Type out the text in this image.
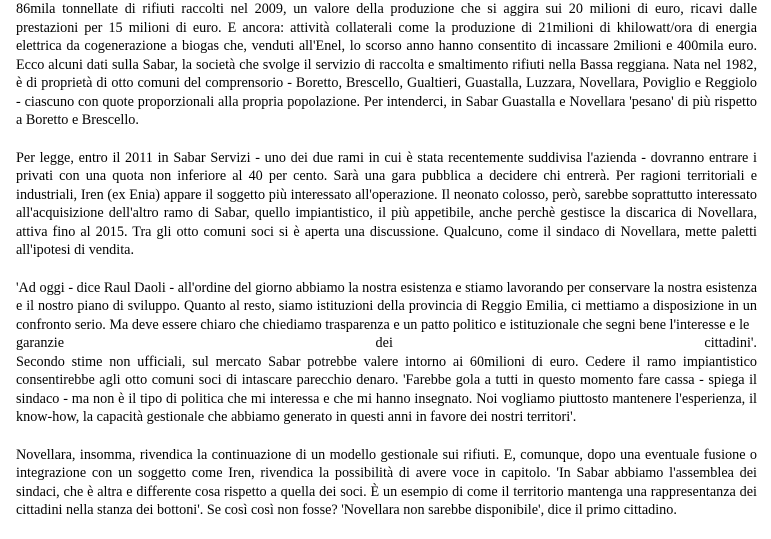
86mila tonnellate di rifiuti raccolti nel 2009, un valore della produzione che si aggira sui 20 milioni di euro, ricavi dalle prestazioni per 15 milioni di euro. E ancora: attività collaterali come la produzione di 21milioni di khilowatt/ora di energia elettrica da cogenerazione a biogas che, venduti all'Enel, lo scorso anno hanno consentito di incassare 2milioni e 400mila euro. Ecco alcuni dati sulla Sabar, la società che svolge il servizio di raccolta e smaltimento rifiuti nella Bassa reggiana. Nata nel 1982, è di proprietà di otto comuni del comprensorio - Boretto, Brescello, Gualtieri, Guastalla, Luzzara, Novellara, Poviglio e Reggiolo - ciascuno con quote proporzionali alla propria popolazione. Per intenderci, in Sabar Guastalla e Novellara 'pesano' di più rispetto a Boretto e Brescello.

Per legge, entro il 2011 in Sabar Servizi - uno dei due rami in cui è stata recentemente suddivisa l'azienda - dovranno entrare i privati con una quota non inferiore al 40 per cento. Sarà una gara pubblica a decidere chi entrerà. Per ragioni territoriali e industriali, Iren (ex Enia) appare il soggetto più interessato all'operazione. Il neonato colosso, però, sarebbe soprattutto interessato all'acquisizione dell'altro ramo di Sabar, quello impiantistico, il più appetibile, anche perchè gestisce la discarica di Novellara, attiva fino al 2015. Tra gli otto comuni soci si è aperta una discussione. Qualcuno, come il sindaco di Novellara, mette paletti all'ipotesi di vendita.

'Ad oggi - dice Raul Daoli - all'ordine del giorno abbiamo la nostra esistenza e stiamo lavorando per conservare la nostra esistenza e il nostro piano di sviluppo. Quanto al resto, siamo istituzioni della provincia di Reggio Emilia, ci mettiamo a disposizione in un confronto serio. Ma deve essere chiaro che chiediamo trasparenza e un patto politico e istituzionale che segni bene l'interesse e le

garanzie	dei	cittadini'.

Secondo stime non ufficiali, sul mercato Sabar potrebbe valere intorno ai 60milioni di euro. Cedere il ramo impiantistico consentirebbe agli otto comuni soci di intascare parecchio denaro. 'Farebbe gola a tutti in questo momento fare cassa - spiega il sindaco - ma non è il tipo di politica che mi interessa e che mi hanno insegnato. Noi vogliamo piuttosto mantenere l'esperienza, il know-how, la capacità gestionale che abbiamo generato in questi anni in favore dei nostri territori'.

Novellara, insomma, rivendica la continuazione di un modello gestionale sui rifiuti. E, comunque, dopo una eventuale fusione o integrazione con un soggetto come Iren, rivendica la possibilità di avere voce in capitolo. 'In Sabar abbiamo l'assemblea dei sindaci, che è altra e differente cosa rispetto a quella dei soci. È un esempio di come il territorio mantenga una rappresentanza dei cittadini nella stanza dei bottoni'. Se così così non fosse? 'Novellara non sarebbe disponibile', dice il primo cittadino.
